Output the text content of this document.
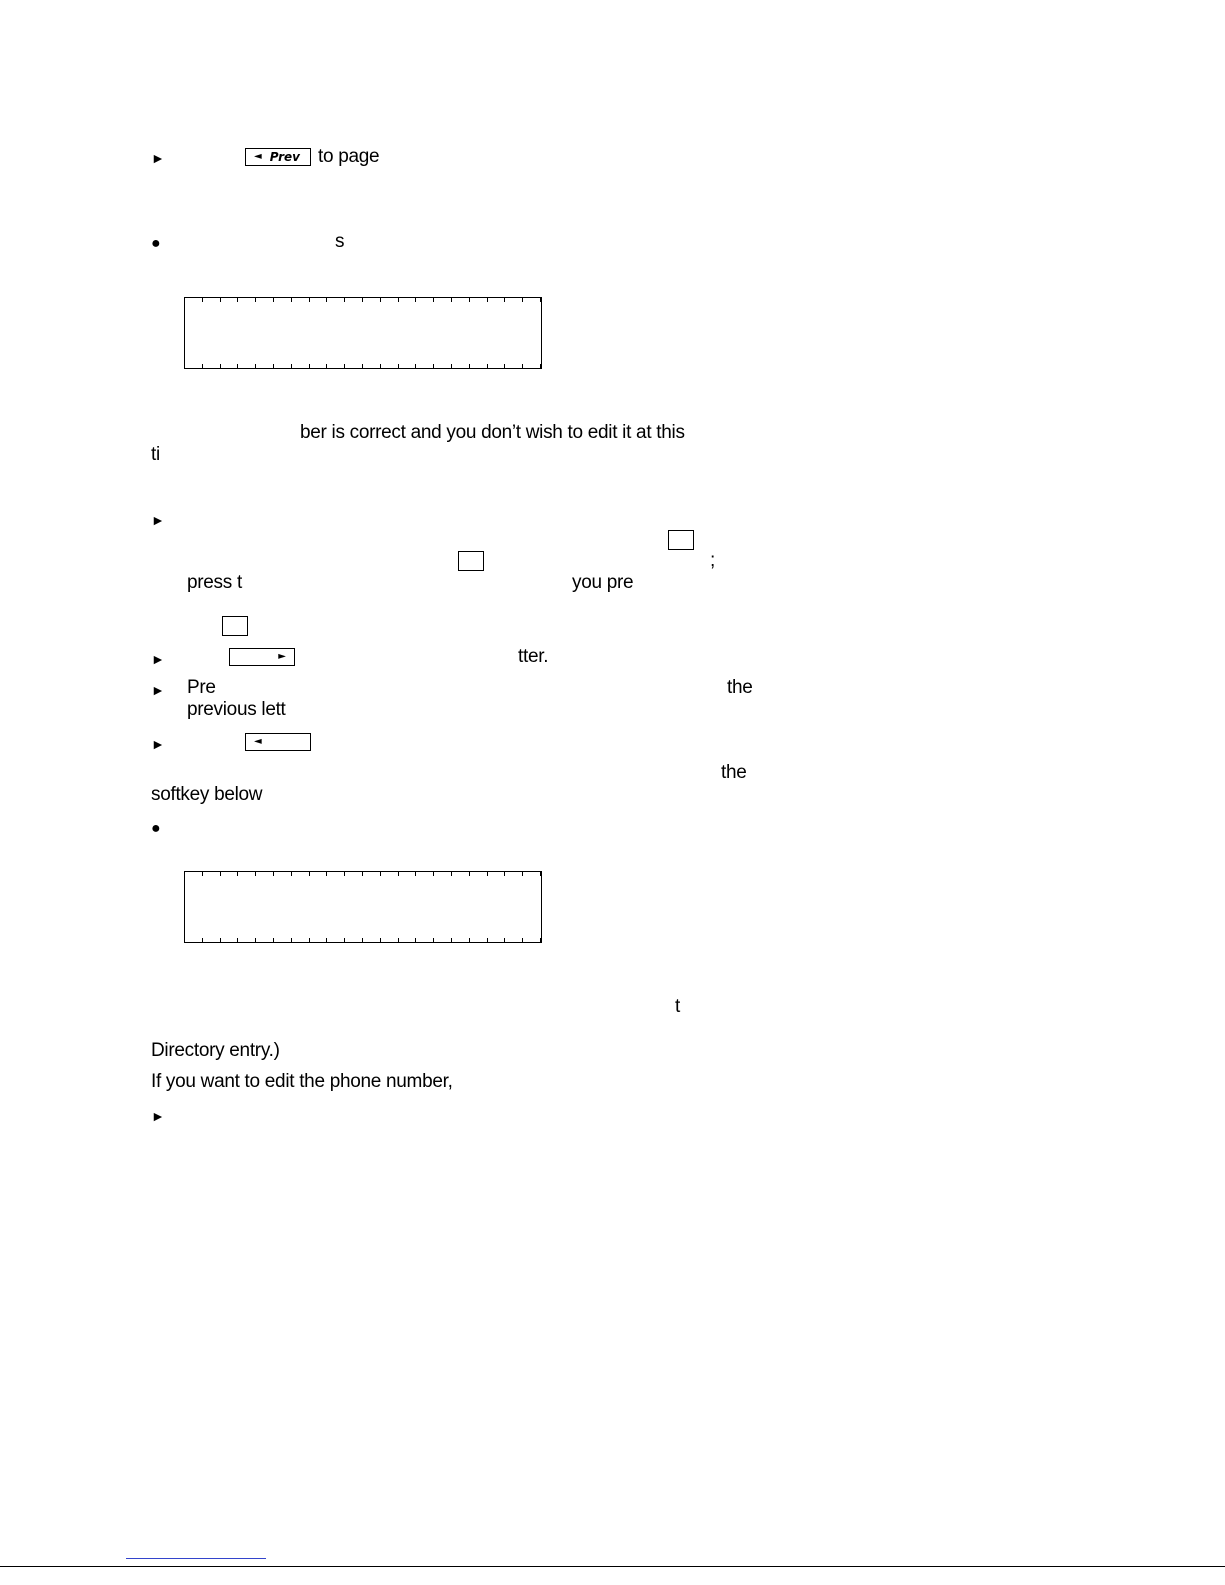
►	◄ Prev to page
●	s
ber is correct and you don’t wish to edit it at this
ti
►
;
press t	you pre
►	►	tter.
► Pre	the
previous lett
►	◄
the
softkey below
●
t
Directory entry.)
If you want to edit the phone number,
►
